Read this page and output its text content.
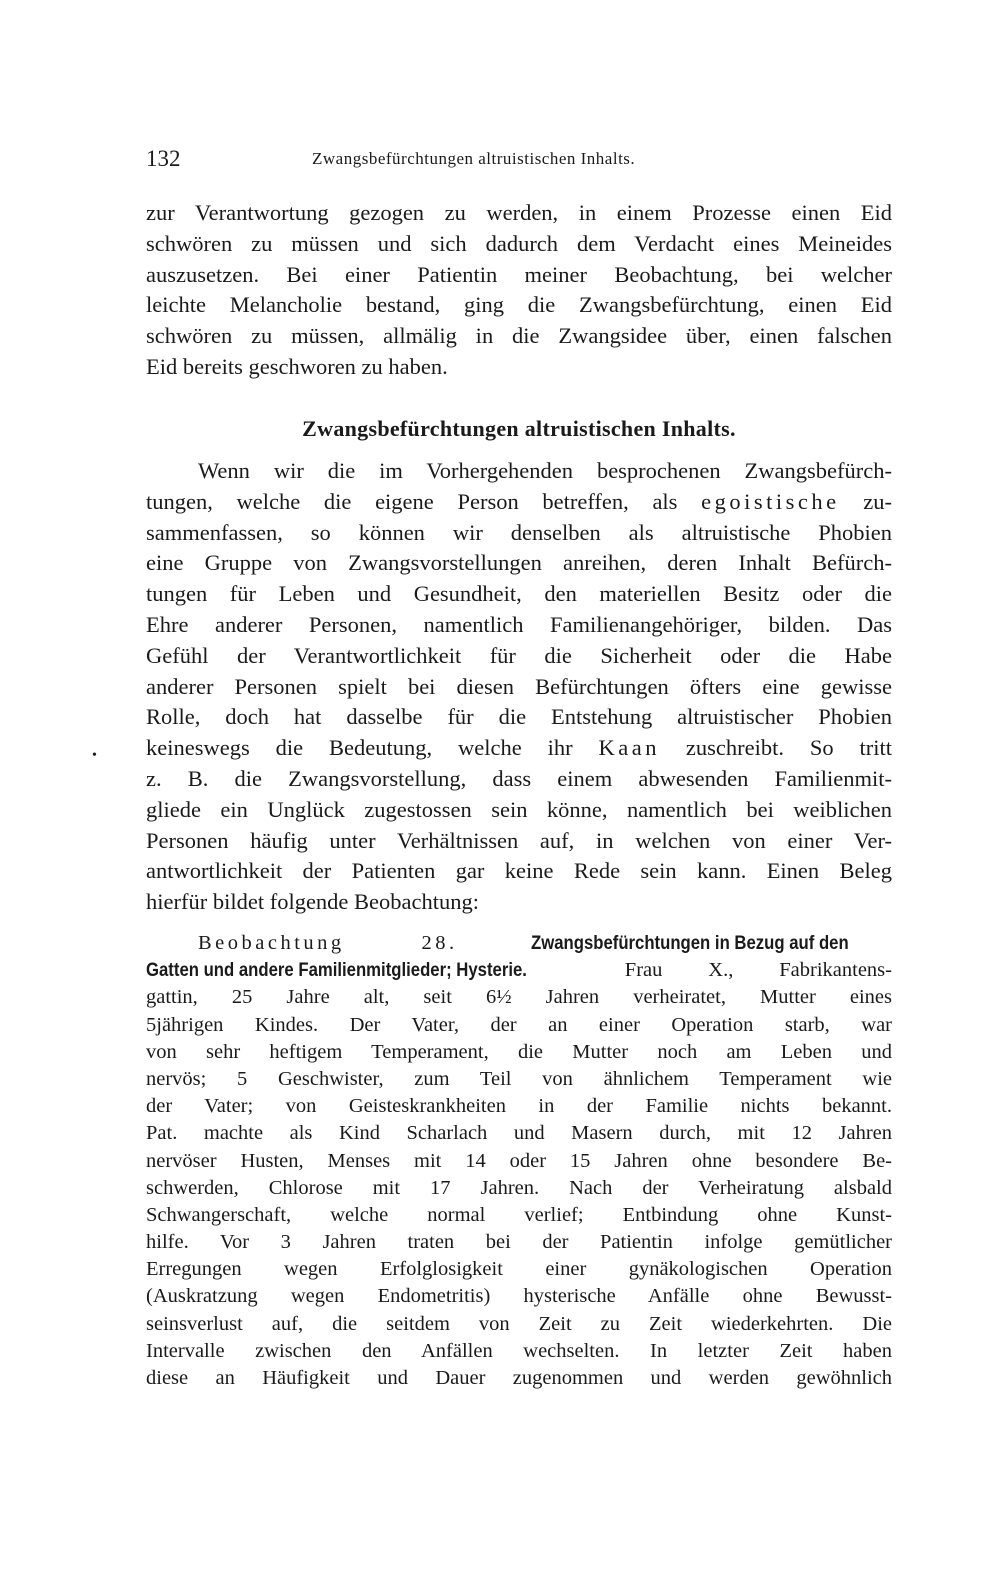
132	Zwangsbefürchtungen altruistischen Inhalts.
zur Verantwortung gezogen zu werden, in einem Prozesse einen Eid
schwören zu müssen und sich dadurch dem Verdacht eines Meineides
auszusetzen. Bei einer Patientin meiner Beobachtung, bei welcher
leichte Melancholie bestand, ging die Zwangsbefürchtung, einen Eid
schwören zu müssen, allmälig in die Zwangsidee über, einen falschen
Eid bereits geschworen zu haben.
Zwangsbefürchtungen altruistischen Inhalts.
Wenn wir die im Vorhergehenden besprochenen Zwangsbefürch-
tungen, welche die eigene Person betreffen, als egoistische zu-
sammenfassen, so können wir denselben als altruistische Phobien
eine Gruppe von Zwangsvorstellungen anreihen, deren Inhalt Befürch-
tungen für Leben und Gesundheit, den materiellen Besitz oder die
Ehre anderer Personen, namentlich Familienangehöriger, bilden. Das
Gefühl der Verantwortlichkeit für die Sicherheit oder die Habe
anderer Personen spielt bei diesen Befürchtungen öfters eine gewisse
Rolle, doch hat dasselbe für die Entstehung altruistischer Phobien
keineswegs die Bedeutung, welche ihr Kaan zuschreibt. So tritt
z. B. die Zwangsvorstellung, dass einem abwesenden Familienmit-
gliede ein Unglück zugestossen sein könne, namentlich bei weiblichen
Personen häufig unter Verhältnissen auf, in welchen von einer Ver-
antwortlichkeit der Patienten gar keine Rede sein kann. Einen Beleg
hierfür bildet folgende Beobachtung:
•
Beobachtung 28.	Zwangsbefürchtungen in Bezug auf den
Gatten und andere Familienmitglieder; Hysterie.	Frau X., Fabrikantens-
gattin, 25 Jahre alt, seit 6½ Jahren verheiratet, Mutter eines
5jährigen Kindes. Der Vater, der an einer Operation starb, war
von sehr heftigem Temperament, die Mutter noch am Leben und
nervös; 5 Geschwister, zum Teil von ähnlichem Temperament wie
der Vater; von Geisteskrankheiten in der Familie nichts bekannt.
Pat. machte als Kind Scharlach und Masern durch, mit 12 Jahren
nervöser Husten, Menses mit 14 oder 15 Jahren ohne besondere Be-
schwerden, Chlorose mit 17 Jahren. Nach der Verheiratung alsbald
Schwangerschaft, welche normal verlief; Entbindung ohne Kunst-
hilfe. Vor 3 Jahren traten bei der Patientin infolge gemütlicher
Erregungen wegen Erfolglosigkeit einer gynäkologischen Operation
(Auskratzung wegen Endometritis) hysterische Anfälle ohne Bewusst-
seinsverlust auf, die seitdem von Zeit zu Zeit wiederkehrten. Die
Intervalle zwischen den Anfällen wechselten. In letzter Zeit haben
diese an Häufigkeit und Dauer zugenommen und werden gewöhnlich
